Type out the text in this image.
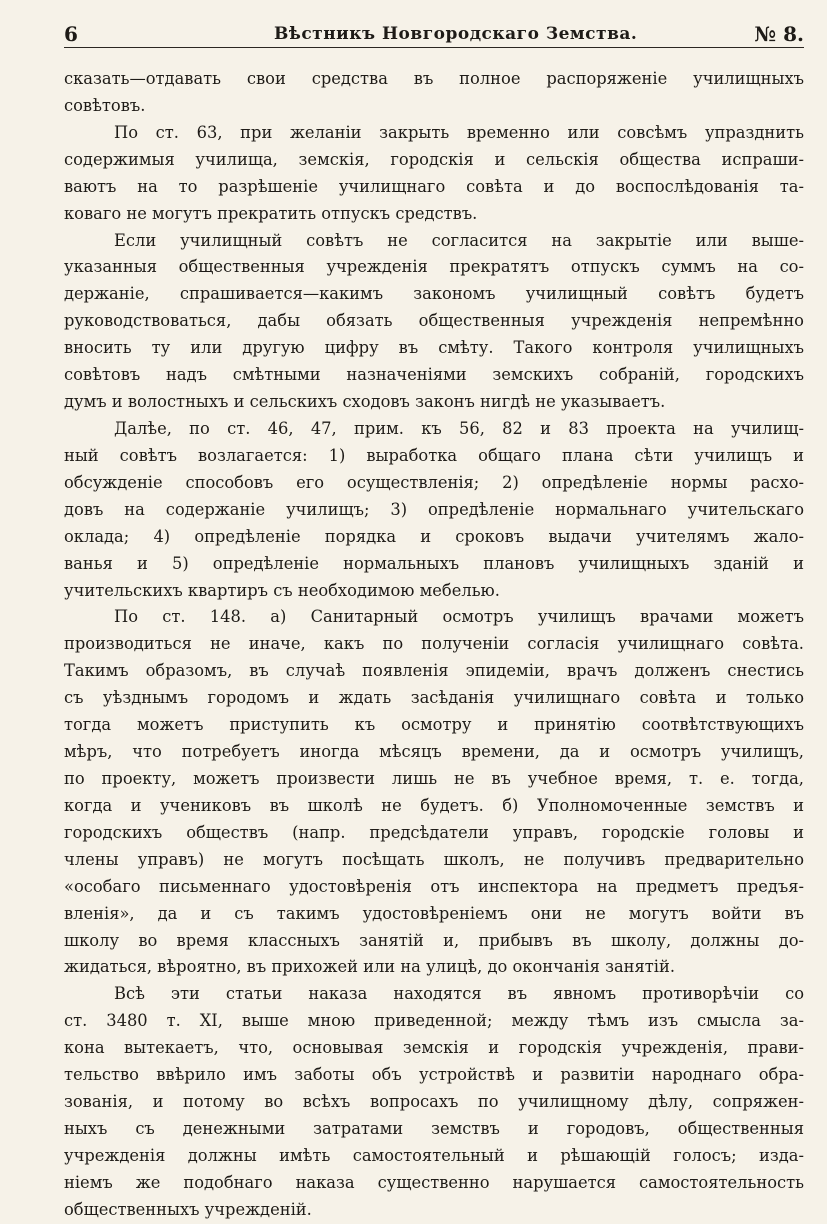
6	Вѣстникъ Новгородскаго Земства.	№ 8.
сказать—отдавать свои средства въ полное распоряженіе училищныхъ
совѣтовъ.
По ст. 63, при желаніи закрыть временно или совсѣмъ упразднить
содержимыя училища, земскія, городскія и сельскія общества испраши-
ваютъ на то разрѣшеніе училищнаго совѣта и до воспослѣдованія та-
коваго не могутъ прекратить отпускъ средствъ.
Если училищный совѣтъ не согласится на закрытіе или выше-
указанныя общественныя учрежденія прекратятъ отпускъ суммъ на со-
держаніе, спрашивается—какимъ закономъ училищный совѣтъ будетъ
руководствоваться, дабы обязать общественныя учрежденія непремѣнно
вносить ту или другую цифру въ смѣту. Такого контроля училищныхъ
совѣтовъ надъ смѣтными назначеніями земскихъ собраній, городскихъ
думъ и волостныхъ и сельскихъ сходовъ законъ нигдѣ не указываетъ.
Далѣе, по ст. 46, 47, прим. къ 56, 82 и 83 проекта на училищ-
ный совѣтъ возлагается: 1) выработка общаго плана сѣти училищъ и
обсужденіе способовъ его осуществленія; 2) опредѣленіе нормы расхо-
довъ на содержаніе училищъ; 3) опредѣленіе нормальнаго учительскаго
оклада; 4) опредѣленіе порядка и сроковъ выдачи учителямъ жало-
ванья и 5) опредѣленіе нормальныхъ плановъ училищныхъ зданій и
учительскихъ квартиръ съ необходимою мебелью.
По ст. 148. а) Санитарный осмотръ училищъ врачами можетъ
производиться не иначе, какъ по полученіи согласія училищнаго совѣта.
Такимъ образомъ, въ случаѣ появленія эпидеміи, врачъ долженъ снестись
съ уѣзднымъ городомъ и ждать засѣданія училищнаго совѣта и только
тогда можетъ приступить къ осмотру и принятію соотвѣтствующихъ
мѣръ, что потребуетъ иногда мѣсяцъ времени, да и осмотръ училищъ,
по проекту, можетъ произвести лишь не въ учебное время, т. е. тогда,
когда и учениковъ въ школѣ не будетъ. б) Уполномоченные земствъ и
городскихъ обществъ (напр. предсѣдатели управъ, городскіе головы и
члены управъ) не могутъ посѣщать школъ, не получивъ предварительно
«особаго письменнаго удостовѣренія отъ инспектора на предметъ предъя-
вленія», да и съ такимъ удостовѣреніемъ они не могутъ войти въ
школу во время классныхъ занятій и, прибывъ въ школу, должны до-
жидаться, вѣроятно, въ прихожей или на улицѣ, до окончанія занятій.
Всѣ эти статьи наказа находятся въ явномъ противорѣчіи со
ст. 3480 т. XI, выше мною приведенной; между тѣмъ изъ смысла за-
кона вытекаетъ, что, основывая земскія и городскія учрежденія, прави-
тельство ввѣрило имъ заботы объ устройствѣ и развитіи народнаго обра-
зованія, и потому во всѣхъ вопросахъ по училищному дѣлу, сопряжен-
ныхъ съ денежными затратами земствъ и городовъ, общественныя
учрежденія должны имѣть самостоятельный и рѣшающій голосъ; изда-
ніемъ же подобнаго наказа существенно нарушается самостоятельность
общественныхъ учрежденій.
